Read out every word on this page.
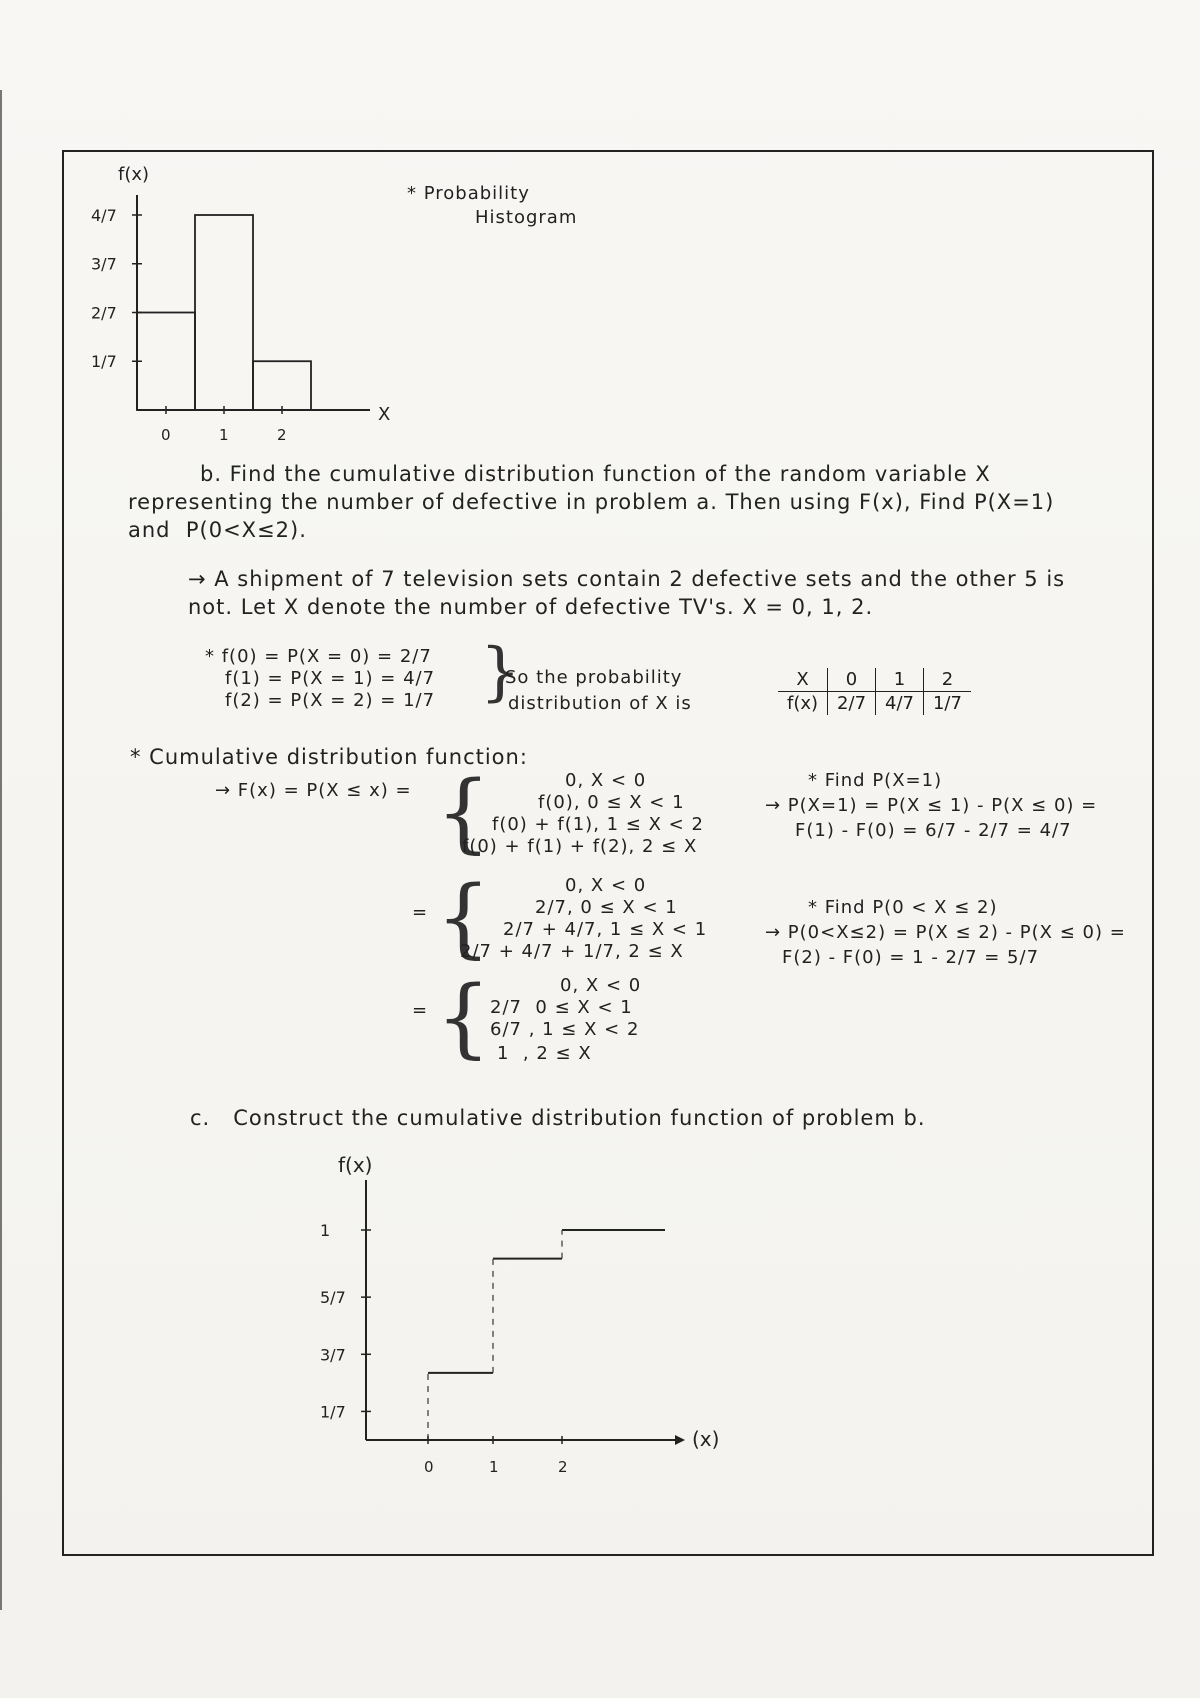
4/7
3/7
2/7
1/7
0	1	2
f(x)
X
* Probability
Histogram
b. Find the cumulative distribution function of the random variable X
representing the number of defective in problem a. Then using F(x), Find P(X=1)
and  P(0<X≤2).
→ A shipment of 7 television sets contain 2 defective sets and the other 5 is
not. Let X denote the number of defective TV's. X = 0, 1, 2.
* f(0) = P(X = 0) = 2/7
f(1) = P(X = 1) = 4/7
f(2) = P(X = 2) = 1/7 }
So the probability
distribution of X is
X	0	1	2
f(x)	2/7	4/7	1/7
* Cumulative distribution function:
→ F(x) = P(X ≤ x) = {	0, X < 0
f(0), 0 ≤ X < 1
f(0) + f(1), 1 ≤ X < 2
f(0) + f(1) + f(2), 2 ≤ X
= {	0, X < 0
2/7, 0 ≤ X < 1
2/7 + 4/7, 1 ≤ X < 1
2/7 + 4/7 + 1/7, 2 ≤ X
= {	0, X < 0
2/7  0 ≤ X < 1
6/7 , 1 ≤ X < 2
1  , 2 ≤ X
* Find P(X=1)
→ P(X=1) = P(X ≤ 1) - P(X ≤ 0) =
F(1) - F(0) = 6/7 - 2/7 = 4/7
* Find P(0 < X ≤ 2)
→ P(0<X≤2) = P(X ≤ 2) - P(X ≤ 0) =
F(2) - F(0) = 1 - 2/7 = 5/7
c.   Construct the cumulative distribution function of problem b.
1
5/7
3/7
1/7
0	1	2
f(x)
(x)
